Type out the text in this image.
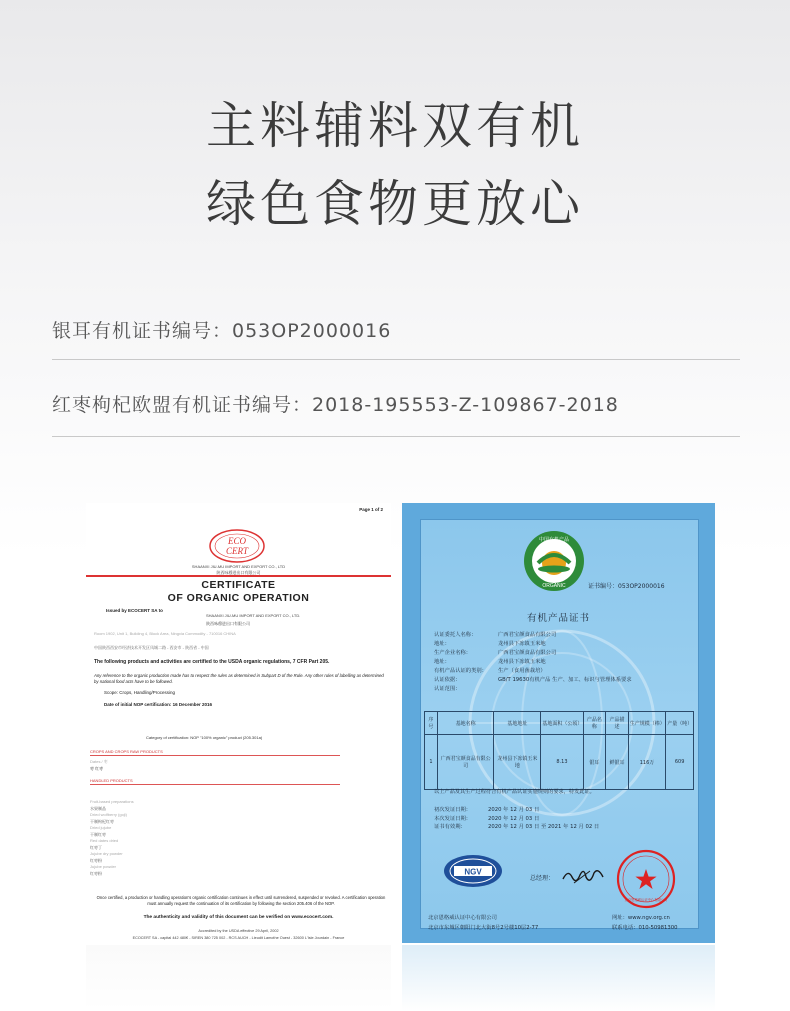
主料辅料双有机
绿色食物更放心
银耳有机证书编号：053OP2000016
红枣枸杞欧盟有机证书编号：2018-195553-Z-109867-2018
Page 1 of 2
ECO
CERT
SHAANXI JIU-MU IMPORT AND EXPORT CO., LTD
陕西咏穆进出口有限公司
CERTIFICATE
OF ORGANIC OPERATION
Issued by ECOCERT SA to
SHAANXI JIU-MU IMPORT AND EXPORT CO., LTD.
陕西咏穆进出口有限公司
Room 1902, Unit 1, Building 4, Block Area, Ningxia Commodity - 710016 CHINA
中国陕西西安市经济技术开发区凤城二路 - 西安市 - 陕西省 - 中国
The following products and activities are certified to the USDA organic regulations, 7 CFR Part 205.
Any reference to the organic production made has to respect the rules as determined in Subpart D of the Rule. Any other rules of labelling as determined by national food acts have to be followed.
Scope: Crops, Handling/Processing
Date of initial NOP certification: 16 December 2016
Category of certification: NOP "100% organic" product (205.301a)
CROPS AND CROPS RAW PRODUCTS
Dates / 枣
枣 红枣
HANDLED PRODUCTS
Fruit-based preparations
水果制品
Dried wolfberry (goji)
干制枸杞红枣
Dried jujube
干制红枣
Red dates dried
红枣丁
Jujube dry powder
红枣粉
Jujube powder
红枣粉
Once certified, a production or handling operation's organic certification continues in effect until surrendered, suspended or revoked. A certification operation must annually request the continuation of its certification by following the section 205.406 of the NOP.
The authenticity and validity of this document can be verified on www.ecocert.com.
Accredited by the USDA effective 29 April, 2002
ECOCERT SA - capital 442 480€ - SIREN 380 725 002 - RCS AUCH - Lieudit Lamothe Ouest - 32600 L'Isle Jourdain - France
中国有机产品
ORGANIC	证书编号：053OP2000016
有机产品证书
认证委托人名称：	广西君宝颜食品有限公司
地址：	龙州县下冻镇玉米地
生产企业名称：	广西君宝颜食品有限公司
地址：	龙州县下冻镇玉米地
有机产品认证的类别： 生产（食用菌栽培）
认证依据：	GB/T 19630有机产品 生产、加工、标识与管理体系要求
认证范围：
序号	基地名称	基地地址	基地面积（公顷）	产品名称	产品描述	生产规模（棒）	产量（吨）
1	广西君宝颜食品有限公司	龙州县下冻镇玉米地	8.13	银耳	鲜银耳	116万	609
以上产品及其生产过程符合有机产品认证实施规则的要求，特发此证。
初次发证日期：	2020 年 12 月 03 日
本次发证日期：	2020 年 12 月 03 日
证书有效期：	2020 年 12 月 03 日 至 2021 年 12 月 02 日
NGV
总经理：
北京恩格威认证中心有限公司
北京恩格威认证中心有限公司
北京市东城区朝阳门北大街8号2号楼10层2-77
网址：www.ngv.org.cn
联系电话：010-50981300
